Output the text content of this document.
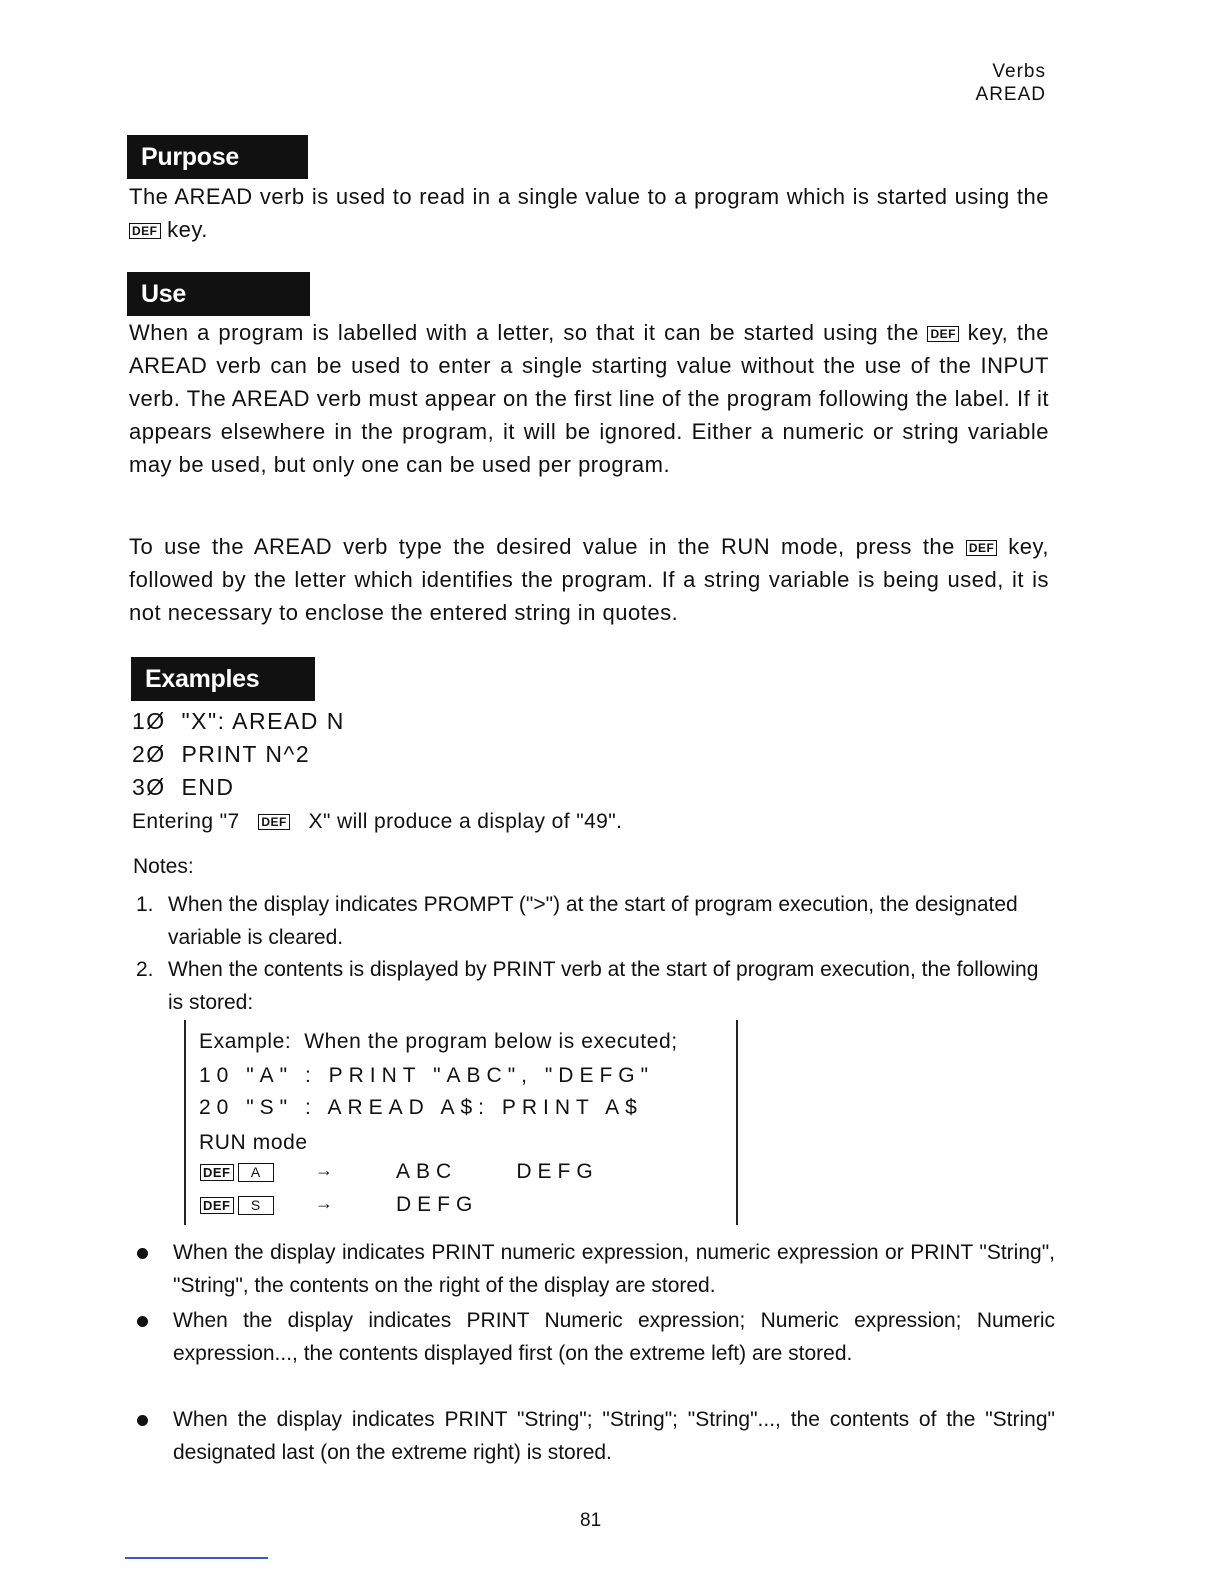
Verbs
AREAD
Purpose
The AREAD verb is used to read in a single value to a program which is started using the DEF key.
Use
When a program is labelled with a letter, so that it can be started using the DEF key, the AREAD verb can be used to enter a single starting value without the use of the INPUT verb. The AREAD verb must appear on the first line of the program following the label. If it appears elsewhere in the program, it will be ignored. Either a numeric or string variable may be used, but only one can be used per program.
To use the AREAD verb type the desired value in the RUN mode, press the DEF key, followed by the letter which identifies the program. If a string variable is being used, it is not necessary to enclose the entered string in quotes.
Examples
1Ø  "X": AREAD N
2Ø  PRINT N^2
3Ø  END
Entering "7 DEF X" will produce a display of "49".
Notes:
1. When the display indicates PROMPT (">") at the start of program execution, the designated variable is cleared.
2. When the contents is displayed by PRINT verb at the start of program execution, the following is stored:
Example:  When the program below is executed;
10 "A" : PRINT "ABC", "DEFG"
20 "S" : AREAD A$: PRINT A$
RUN mode
DEF A	→	ABC     DEFG
DEF S	→	DEFG
When the display indicates PRINT numeric expression, numeric expression or PRINT "String", "String", the contents on the right of the display are stored.
When the display indicates PRINT Numeric expression; Numeric expression; Numeric expression..., the contents displayed first (on the extreme left) are stored.
When the display indicates PRINT "String"; "String"; "String"..., the contents of the "String" designated last (on the extreme right) is stored.
81
